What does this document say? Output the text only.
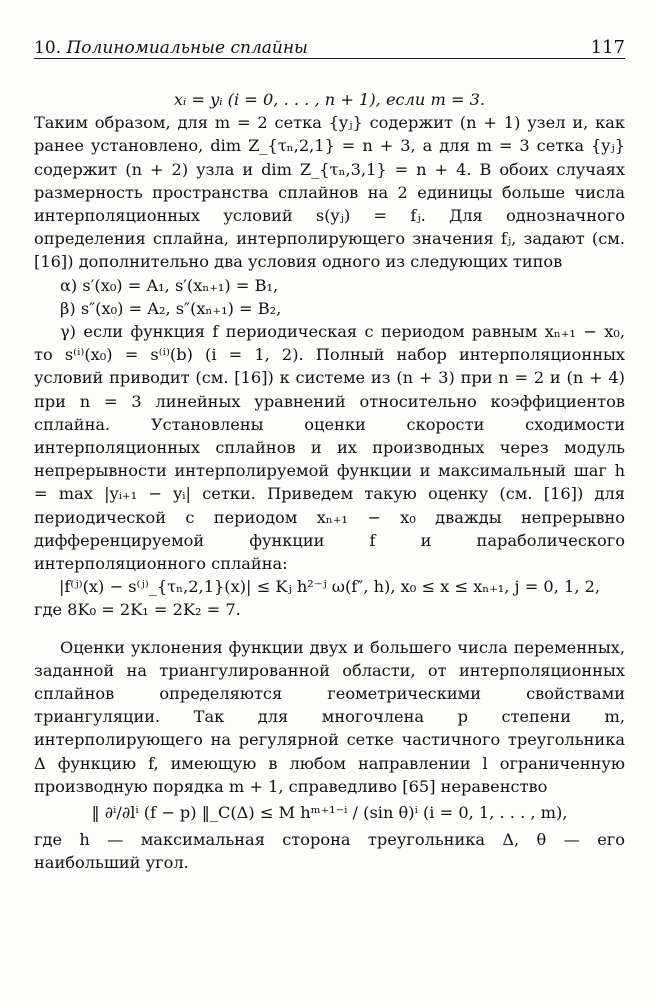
10. Полиномиальные сплайны	117

xᵢ = yᵢ (i = 0, . . . , n + 1), если m = 3.

Таким образом, для m = 2 сетка {yⱼ} содержит (n + 1) узел и, как ранее установлено, dim Z_{τₙ,2,1} = n + 3, а для m = 3 сетка {yⱼ} содержит (n + 2) узла и dim Z_{τₙ,3,1} = n + 4. В обоих случаях размерность пространства сплайнов на 2 единицы больше числа интерполяционных условий s(yⱼ) = fⱼ. Для однозначного определения сплайна, интерполирующего значения fⱼ, задают (см. [16]) дополнительно два условия одного из следующих типов

α) s′(x₀) = A₁, s′(xₙ₊₁) = B₁,

β) s″(x₀) = A₂, s″(xₙ₊₁) = B₂,

γ) если функция f периодическая с периодом равным xₙ₊₁ − x₀, то s⁽ⁱ⁾(x₀) = s⁽ⁱ⁾(b) (i = 1, 2). Полный набор интерполяционных условий приводит (см. [16]) к системе из (n + 3) при n = 2 и (n + 4) при n = 3 линейных уравнений относительно коэффициентов сплайна. Установлены оценки скорости сходимости интерполяционных сплайнов и их производных через модуль непрерывности интерполируемой функции и максимальный шаг h = max |yᵢ₊₁ − yᵢ| сетки. Приведем такую оценку (см. [16]) для периодической с периодом xₙ₊₁ − x₀ дважды непрерывно дифференцируемой функции f и параболического интерполяционного сплайна:

|f⁽ʲ⁾(x) − s⁽ʲ⁾_{τₙ,2,1}(x)| ≤ Kⱼ h²⁻ʲ ω(f″, h), x₀ ≤ x ≤ xₙ₊₁, j = 0, 1, 2,

где 8K₀ = 2K₁ = 2K₂ = 7.

Оценки уклонения функции двух и большего числа переменных, заданной на триангулированной области, от интерполяционных сплайнов определяются геометрическими свойствами триангуляции. Так для многочлена p степени m, интерполирующего на регулярной сетке частичного треугольника Δ функцию f, имеющую в любом направлении l ограниченную производную порядка m + 1, справедливо [65] неравенство

‖ ∂ⁱ/∂lⁱ (f − p) ‖_C(Δ) ≤ M hᵐ⁺¹⁻ⁱ / (sin θ)ⁱ (i = 0, 1, . . . , m),

где h — максимальная сторона треугольника Δ, θ — его наибольший угол.
